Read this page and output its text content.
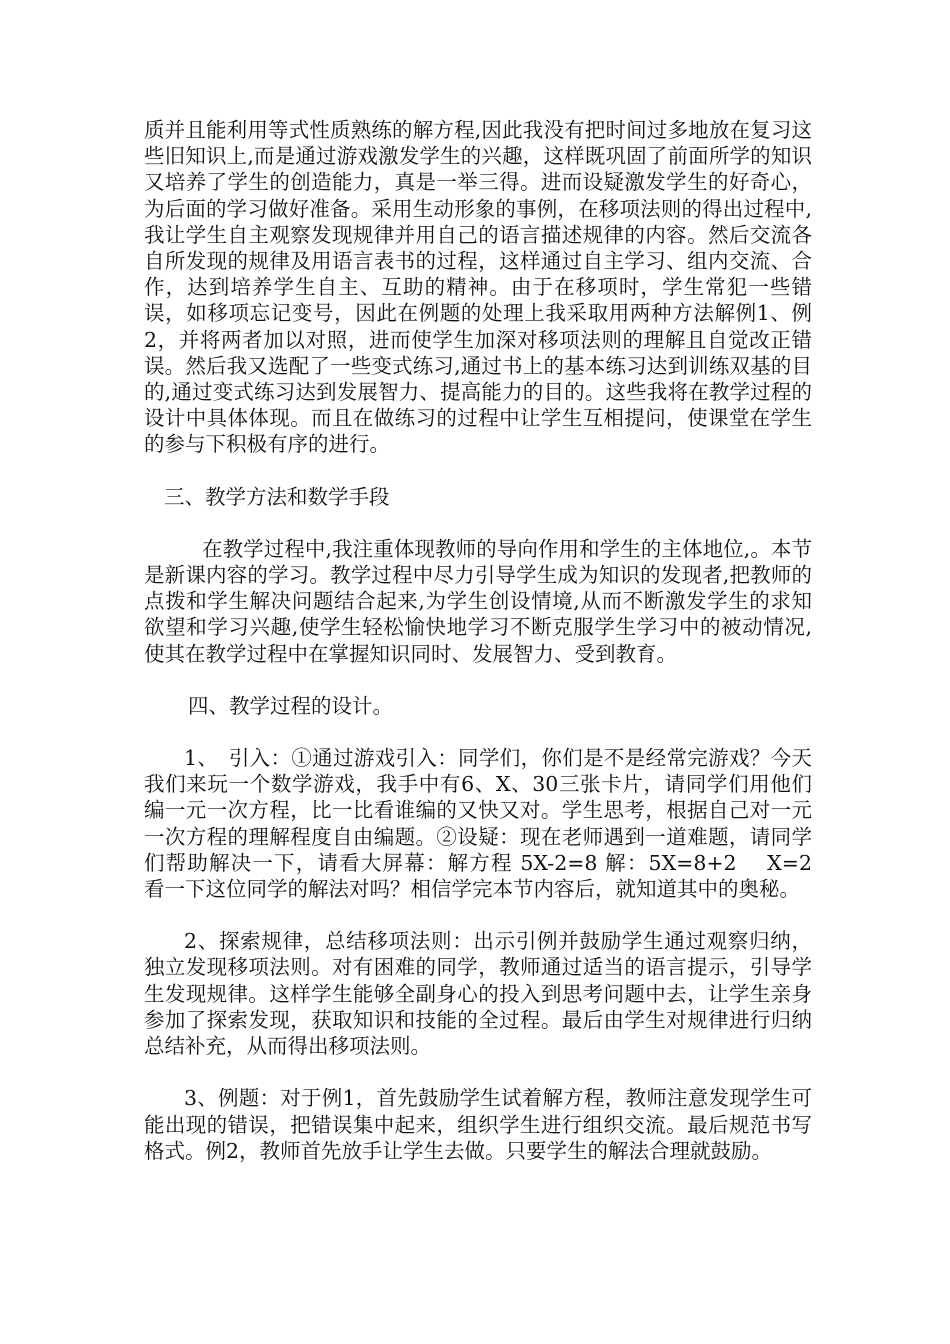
质并且能利用等式性质熟练的解方程,因此我没有把时间过多地放在复习这些旧知识上,而是通过游戏激发学生的兴趣，这样既巩固了前面所学的知识又培养了学生的创造能力，真是一举三得。进而设疑激发学生的好奇心，为后面的学习做好准备。采用生动形象的事例，在移项法则的得出过程中,我让学生自主观察发现规律并用自己的语言描述规律的内容。然后交流各自所发现的规律及用语言表书的过程，这样通过自主学习、组内交流、合作，达到培养学生自主、互助的精神。由于在移项时，学生常犯一些错误，如移项忘记变号，因此在例题的处理上我采取用两种方法解例1、例2，并将两者加以对照，进而使学生加深对移项法则的理解且自觉改正错误。然后我又选配了一些变式练习,通过书上的基本练习达到训练双基的目的,通过变式练习达到发展智力、提高能力的目的。这些我将在教学过程的设计中具体体现。而且在做练习的过程中让学生互相提问，使课堂在学生的参与下积极有序的进行。

三、教学方法和数学手段

在教学过程中,我注重体现教师的导向作用和学生的主体地位,。本节是新课内容的学习。教学过程中尽力引导学生成为知识的发现者,把教师的点拨和学生解决问题结合起来,为学生创设情境,从而不断激发学生的求知欲望和学习兴趣,使学生轻松愉快地学习不断克服学生学习中的被动情况,使其在教学过程中在掌握知识同时、发展智力、受到教育。

四、教学过程的设计。

1、　引入：①通过游戏引入：同学们，你们是不是经常完游戏？今天我们来玩一个数学游戏，我手中有6、X、30三张卡片，请同学们用他们编一元一次方程，比一比看谁编的又快又对。学生思考，根据自己对一元一次方程的理解程度自由编题。②设疑：现在老师遇到一道难题，请同学们帮助解决一下，请看大屏幕：解方程 5X-2=8 解：5X=8+2　 X=2　看一下这位同学的解法对吗？相信学完本节内容后，就知道其中的奥秘。

2、探索规律，总结移项法则：出示引例并鼓励学生通过观察归纳，独立发现移项法则。对有困难的同学，教师通过适当的语言提示，引导学生发现规律。这样学生能够全副身心的投入到思考问题中去，让学生亲身参加了探索发现，获取知识和技能的全过程。最后由学生对规律进行归纳总结补充，从而得出移项法则。

3、例题：对于例1，首先鼓励学生试着解方程，教师注意发现学生可能出现的错误，把错误集中起来，组织学生进行组织交流。最后规范书写格式。例2，教师首先放手让学生去做。只要学生的解法合理就鼓励。
